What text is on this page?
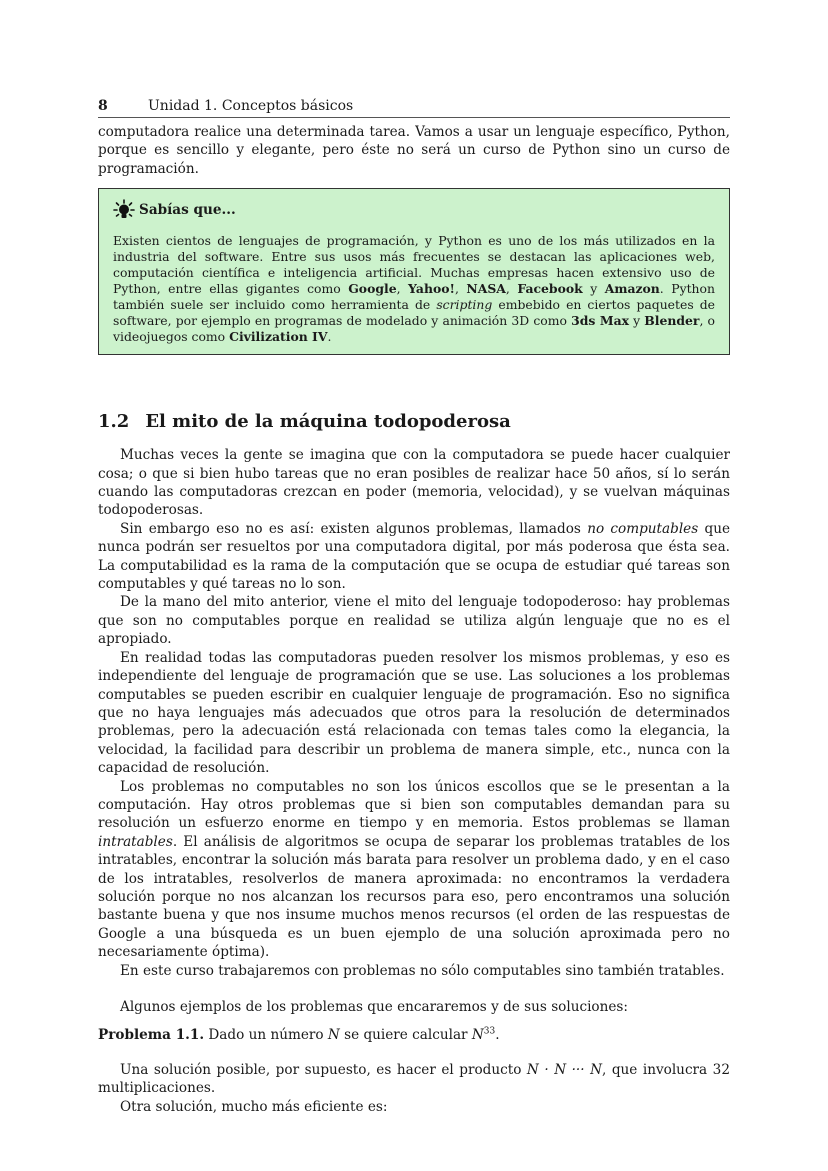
8	Unidad 1. Conceptos básicos

computadora realice una determinada tarea. Vamos a usar un lenguaje específico, Python, porque es sencillo y elegante, pero éste no será un curso de Python sino un curso de programación.

Sabías que...

Existen cientos de lenguajes de programación, y Python es uno de los más utilizados en la industria del software. Entre sus usos más frecuentes se destacan las aplicaciones web, computación científica e inteligencia artificial. Muchas empresas hacen extensivo uso de Python, entre ellas gigantes como Google, Yahoo!, NASA, Facebook y Amazon. Python también suele ser incluido como herramienta de scripting embebido en ciertos paquetes de software, por ejemplo en programas de modelado y animación 3D como 3ds Max y Blender, o videojuegos como Civilization IV.

1.2 El mito de la máquina todopoderosa

Muchas veces la gente se imagina que con la computadora se puede hacer cualquier cosa; o que si bien hubo tareas que no eran posibles de realizar hace 50 años, sí lo serán cuando las computadoras crezcan en poder (memoria, velocidad), y se vuelvan máquinas todopoderosas.

Sin embargo eso no es así: existen algunos problemas, llamados no computables que nunca podrán ser resueltos por una computadora digital, por más poderosa que ésta sea. La computabilidad es la rama de la computación que se ocupa de estudiar qué tareas son computables y qué tareas no lo son.

De la mano del mito anterior, viene el mito del lenguaje todopoderoso: hay problemas que son no computables porque en realidad se utiliza algún lenguaje que no es el apropiado.

En realidad todas las computadoras pueden resolver los mismos problemas, y eso es independiente del lenguaje de programación que se use. Las soluciones a los problemas computables se pueden escribir en cualquier lenguaje de programación. Eso no significa que no haya lenguajes más adecuados que otros para la resolución de determinados problemas, pero la adecuación está relacionada con temas tales como la elegancia, la velocidad, la facilidad para describir un problema de manera simple, etc., nunca con la capacidad de resolución.

Los problemas no computables no son los únicos escollos que se le presentan a la computación. Hay otros problemas que si bien son computables demandan para su resolución un esfuerzo enorme en tiempo y en memoria. Estos problemas se llaman intratables. El análisis de algoritmos se ocupa de separar los problemas tratables de los intratables, encontrar la solución más barata para resolver un problema dado, y en el caso de los intratables, resolverlos de manera aproximada: no encontramos la verdadera solución porque no nos alcanzan los recursos para eso, pero encontramos una solución bastante buena y que nos insume muchos menos recursos (el orden de las respuestas de Google a una búsqueda es un buen ejemplo de una solución aproximada pero no necesariamente óptima).

En este curso trabajaremos con problemas no sólo computables sino también tratables.

Algunos ejemplos de los problemas que encararemos y de sus soluciones:

Problema 1.1. Dado un número N se quiere calcular $N^{33}$.

Una solución posible, por supuesto, es hacer el producto N · N ··· N, que involucra 32 multiplicaciones.

Otra solución, mucho más eficiente es:
